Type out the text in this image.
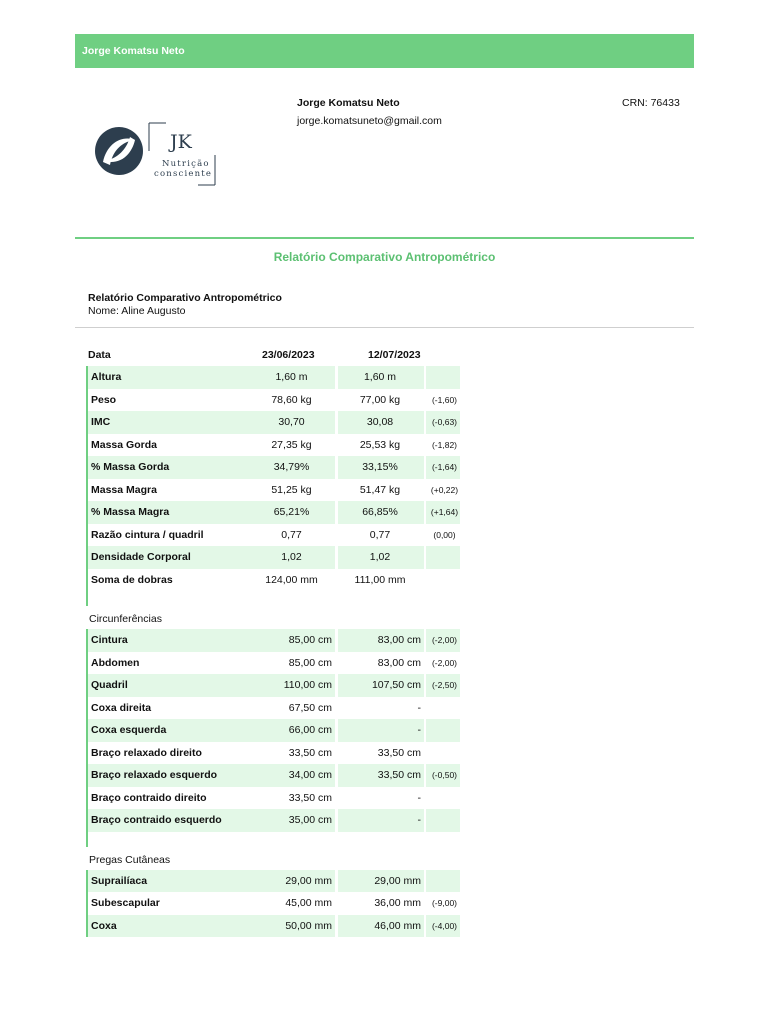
Jorge Komatsu Neto
JK
Nutrição
consciente
Jorge Komatsu Neto
jorge.komatsuneto@gmail.com
CRN: 76433
Relatório Comparativo Antropométrico
Relatório Comparativo Antropométrico
Nome: Aline Augusto
Data	23/06/2023	12/07/2023
Altura	1,60 m	1,60 m
Peso	78,60 kg	77,00 kg	(-1,60)
IMC	30,70	30,08	(-0,63)
Massa Gorda	27,35 kg	25,53 kg	(-1,82)
% Massa Gorda	34,79%	33,15%	(-1,64)
Massa Magra	51,25 kg	51,47 kg	(+0,22)
% Massa Magra	65,21%	66,85%	(+1,64)
Razão cintura / quadril	0,77	0,77	(0,00)
Densidade Corporal	1,02	1,02
Soma de dobras	124,00 mm	111,00 mm
Circunferências
Cintura	85,00 cm	83,00 cm	(-2,00)
Abdomen	85,00 cm	83,00 cm	(-2,00)
Quadril	110,00 cm	107,50 cm	(-2,50)
Coxa direita	67,50 cm	-
Coxa esquerda	66,00 cm	-
Braço relaxado direito	33,50 cm	33,50 cm
Braço relaxado esquerdo	34,00 cm	33,50 cm	(-0,50)
Braço contraido direito	33,50 cm	-
Braço contraido esquerdo	35,00 cm	-
Pregas Cutâneas
Suprailíaca	29,00 mm	29,00 mm
Subescapular	45,00 mm	36,00 mm	(-9,00)
Coxa	50,00 mm	46,00 mm	(-4,00)
